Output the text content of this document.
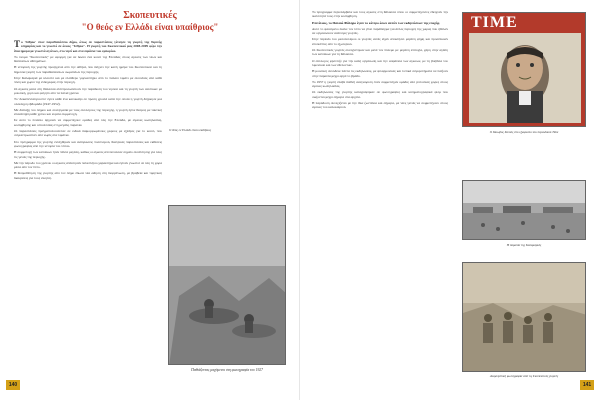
Σκοπευτικές
"Ο θεός εν Ελλάδι είναι υπαίθριος"

Το 'Ισθμιο' στον παραθαλάσσιο δήμο, όπως σε παραστάσεις γέννησε τη γιορτή της θερινής ισημερίας και το γνωστό σε όλους "Ισθμιο". Η γιορτή του Σκοπευτικού μας 2008-2009 φέρε την ίδια ημερα με γνωστά αγώνων, στο νησί και στα λιμάνια του εμπορίου.

Το όνομα "Σκοπευτικές" με αφορμή για να δώσει ένα κοινό της Ελλάδας στους αγώνες των νέων και θαλάσσιων αθλημάτων.

Η ιστορική της γιορτής προέρχεται από την Αθηνά, που δείχνει την καλή ημέρα του Σκοπευτικού και τη δημόσια γιορτή των παραθαλάσσιων σωματείων της περιοχής.

Στην Καλαμαριά με κλειστό και με ελεύθερο γυμναστήριο από το παλαιό λιμάνι με συνοδούς από κάθε πόλη και χωριό της ενδοχώρας στην περιοχή.

Οι αγώνες μέσα στη θάλασσα αντιπροσωπεύουν την παράδοση του νησιού και τη γιορτή των ναυτικών με μουσική, χορό και φαγητό από τα παλιά χρόνια.

Το 'Δεκαπενταύγουστο' έγινε κάθε ένα καλοκαίρι σε πρώτη χρονιά κατά την οποία η γιορτή διήρκησε μια ολόκληρη εβδομάδα (1947-1952).

Με διάταξη του Δήμου και συνεργασία με τους συλλόγους της περιοχής, η γιορτή έγινε θεσμός με τακτική επανάληψη κάθε χρόνο και ευρεία συμμετοχή.

Σε αυτό το πλαίσιο άρχισαν να συμμετέχουν ομάδες από όλη την Ελλάδα, με αγώνες κωπηλασίας, κολύμβησης και ιστιοπλοΐας στη μεγάλη παραλία.

Οι παραστάσεις πραγματοποιούνταν σε ειδικά διαμορφωμένους χώρους με εξέδρες για το κοινό, που συγκεντρωνόταν από νωρίς στα λιμάνια.

Στο πρόγραμμα της γιορτής εντάχθηκαν και εκδηλώσεις πολιτισμού, θεατρικές παραστάσεις και εκθέσεις φωτογραφίας από την ιστορία του τόπου.

Η συμμετοχή των κατοίκων ήταν πάντα μεγάλη, καθώς οι αγώνες αποτελούσαν σημείο συνάντησης για όλες τις γενιές της περιοχής.

Με την πάροδο του χρόνου οι αγώνες απέκτησαν πανελλήνιο χαρακτήρα και έγιναν γνωστοί σε όλη τη χώρα μέσα από τον τύπο.

Η θεσμοθέτηση της γιορτής από τον Δήμο έδωσε νέα ώθηση στη διοργάνωση, με βραβεία και τιμητικές διακρίσεις για τους νικητές.

Ο θεός εν Ελλάδι είναι υπαίθριος
Παθιάζοντας μαχόμενοι στη φωτογραφία του 1927
140

Το πρόγραμμα περιελάμβανε και τους αγώνες στη θάλασσα όπου οι συμμετέχοντες έδειχναν την ικανότητά τους στην κολύμβηση.

Επιτέλους, το Παλαιό Φάληρο έγινε το κέντρο όλων αυτών των εκδηλώσεων της εποχής.

Αυτό το φαινόμενο έκανε τον τόπο να γίνει παράδειγμα για άλλες περιοχές της χώρας που ήθελαν να οργανώσουν ανάλογες γιορτές.

Στην περίοδο του μεσοπολέμου οι γιορτές αυτές είχαν αποκτήσει μεγάλη φήμη και προσέλκυαν επισκέπτες από το εξωτερικό.

Οι Σκοπευτικές γιορτές συνεχίστηκαν και μετά τον πόλεμο με μεγάλη επιτυχία, χάρη στην αγάπη των κατοίκων για τη θάλασσα.

Ο σύλλογος φρόντιζε για την καλή οργάνωση και την ασφάλεια των αγώνων, με τη βοήθεια του λιμενικού και των εθελοντών.

Η μουσική συνόδευε πάντα τις εκδηλώσεις, με φιλαρμονικές και τοπικά συγκροτήματα να παίζουν στην παραλία μέχρι αργά το βράδυ.

Το 1957 η γιορτή έλαβε διεθνή αναγνώριση όταν συμμετείχαν ομάδες από γειτονικές χώρες στους αγώνες κωπηλασίας.

Οι εκδηλώσεις της γιορτής καταγράφηκαν σε φωτογραφίες και κινηματογραφικά φιλμ που σώζονται μέχρι σήμερα στα αρχεία.

Η παράδοση συνεχίζεται με την ίδια ζωντάνια και σήμερα, με νέες γενιές να συμμετέχουν στους αγώνες του καλοκαιριού.

TIME
Ο Ιάκωβος Χαλιός στο εξώφυλλο του περιοδικού Time
Η παραλία της Καλαμαριάς
Αναμνηστική φωτογραφία από τις Σκοπευτικές γιορτές
141
